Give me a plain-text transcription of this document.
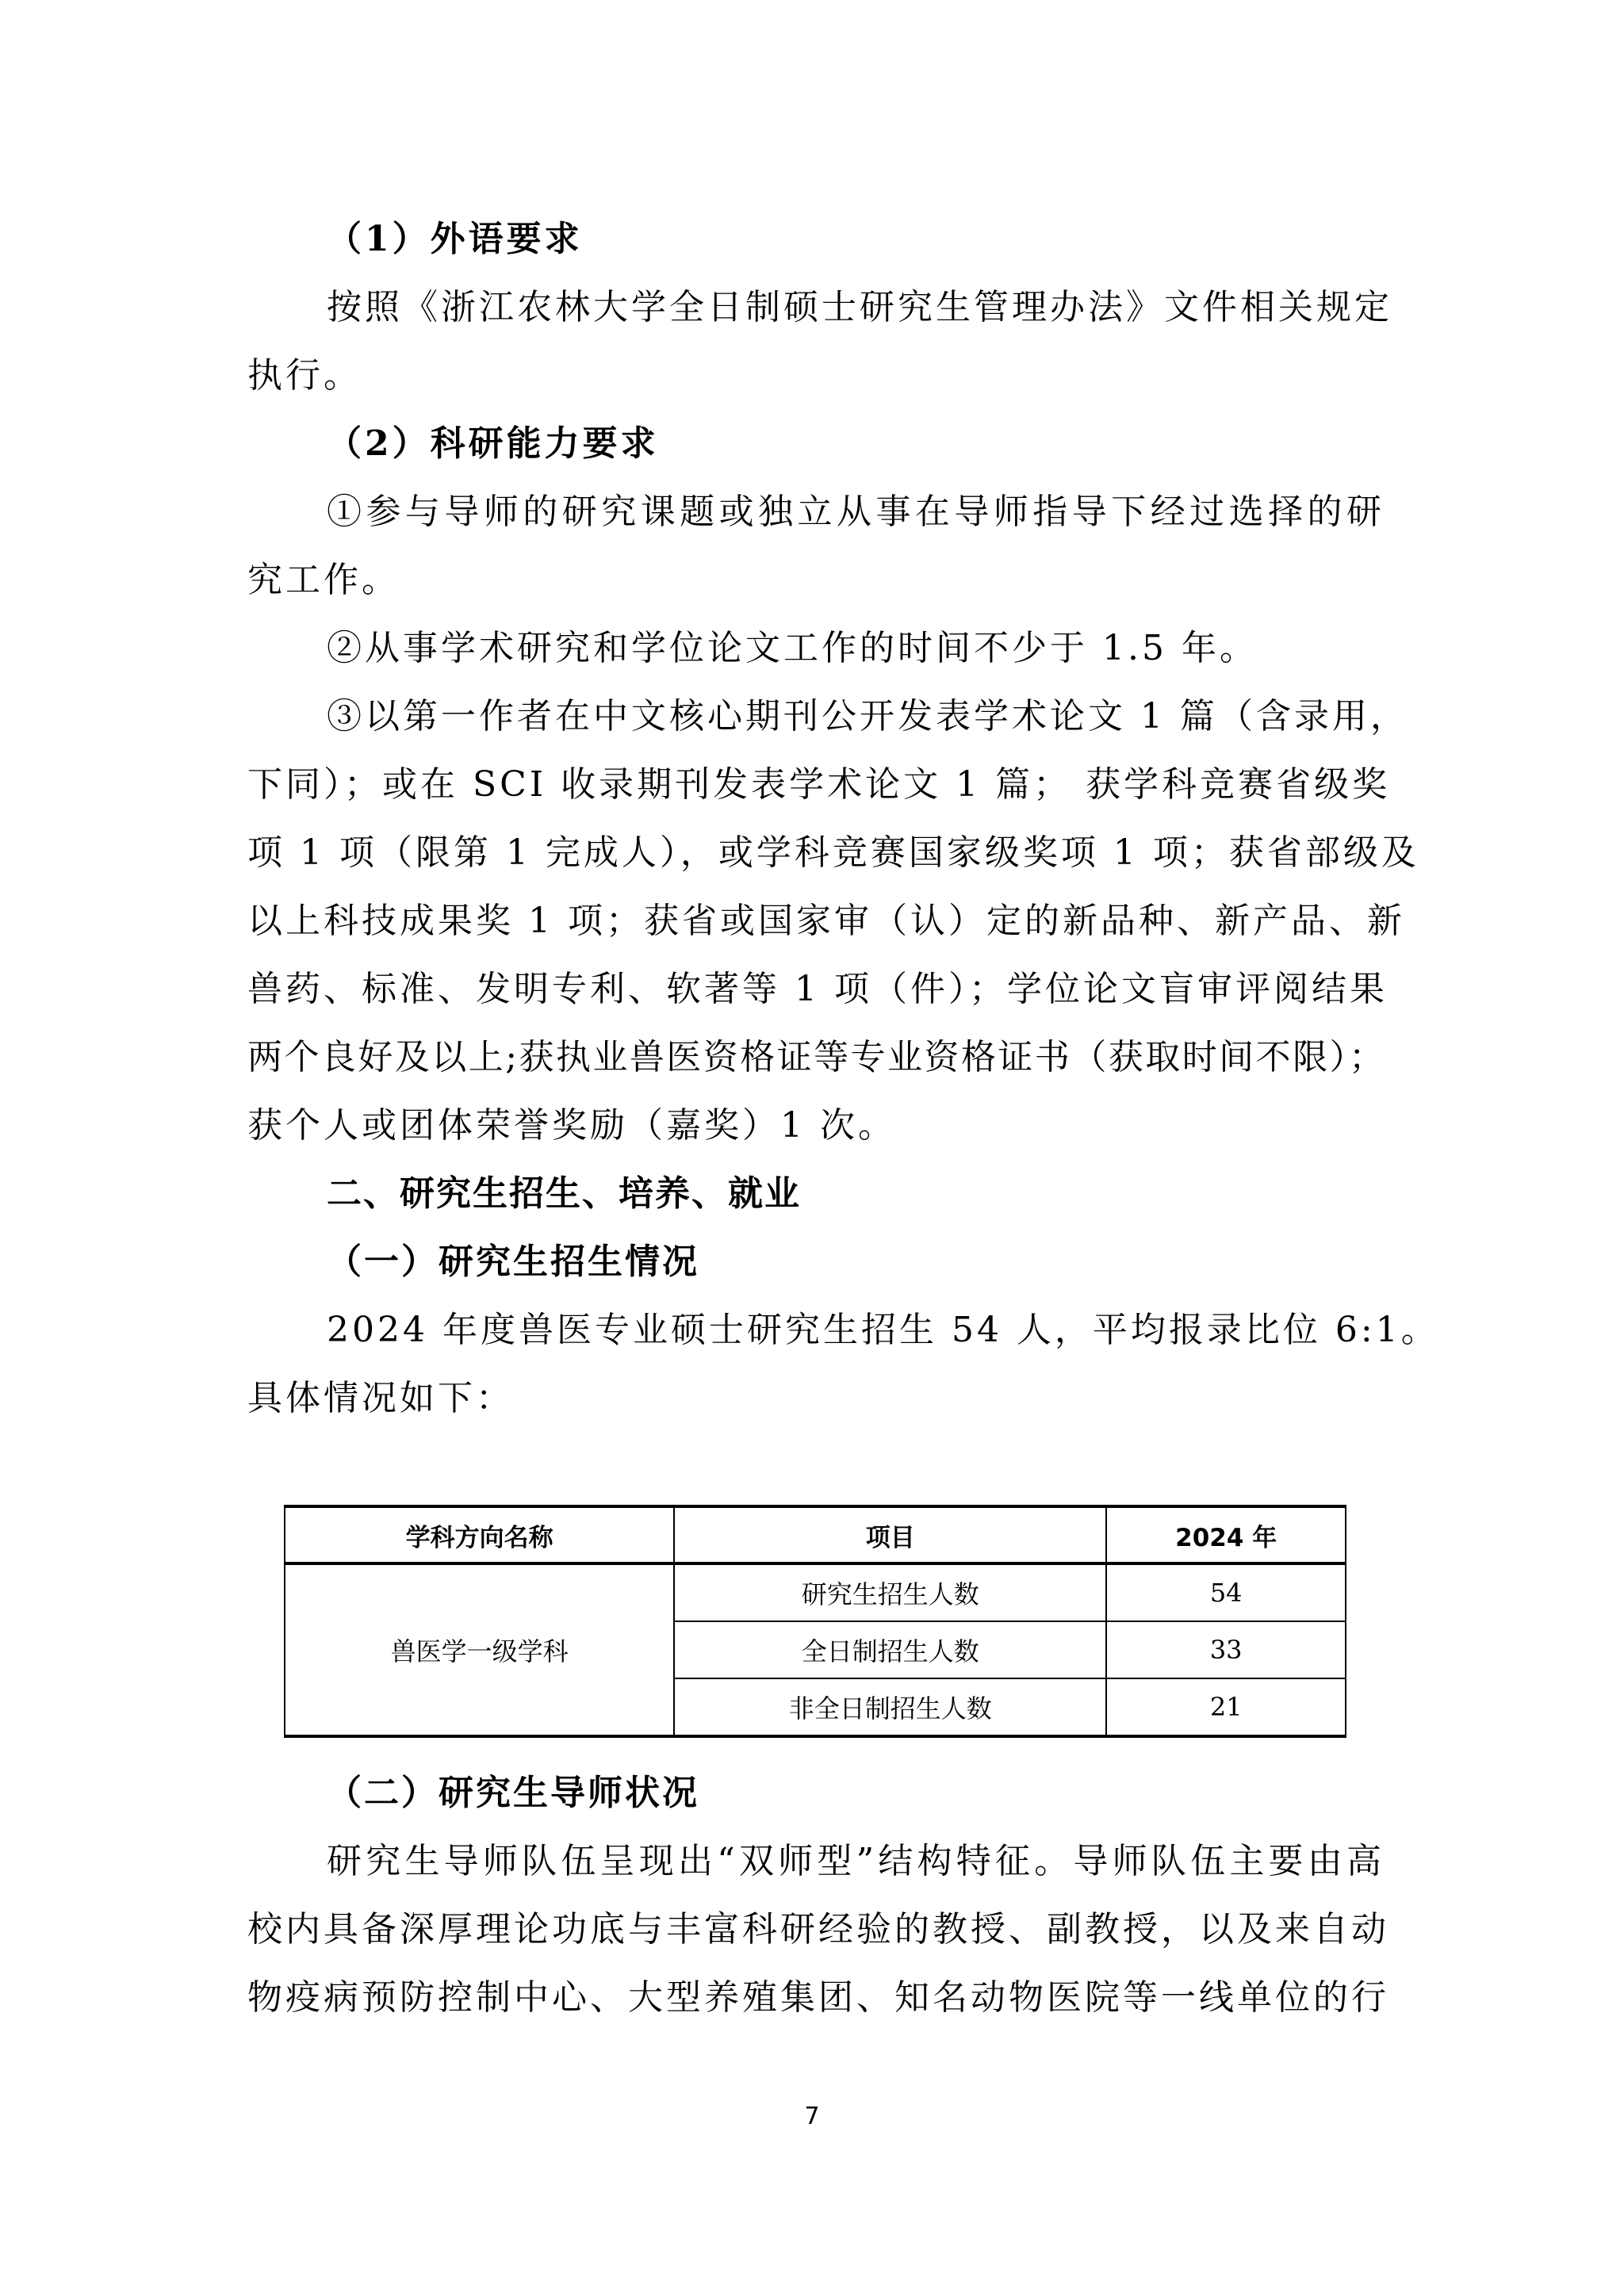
（1）外语要求
按照《浙江农林大学全日制硕士研究生管理办法》文件相关规定
执行。
（2）科研能力要求
①参与导师的研究课题或独立从事在导师指导下经过选择的研
究工作。
②从事学术研究和学位论文工作的时间不少于 1.5 年。
③以第一作者在中文核心期刊公开发表学术论文 1 篇（含录用，
下同）；或在 SCI 收录期刊发表学术论文 1 篇； 获学科竞赛省级奖
项 1 项（限第 1 完成人），或学科竞赛国家级奖项 1 项；获省部级及
以上科技成果奖 1 项；获省或国家审（认）定的新品种、新产品、新
兽药、标准、发明专利、软著等 1 项（件）；学位论文盲审评阅结果
两个良好及以上;获执业兽医资格证等专业资格证书（获取时间不限）；
获个人或团体荣誉奖励（嘉奖）1 次。
二、研究生招生、培养、就业
（一）研究生招生情况
2024 年度兽医专业硕士研究生招生 54 人，平均报录比位 6:1。
具体情况如下：
学科方向名称	项目	2024 年
兽医学一级学科	研究生招生人数	54
	全日制招生人数	33
	非全日制招生人数	21
（二）研究生导师状况
研究生导师队伍呈现出“双师型”结构特征。导师队伍主要由高
校内具备深厚理论功底与丰富科研经验的教授、副教授，以及来自动
物疫病预防控制中心、大型养殖集团、知名动物医院等一线单位的行
7
